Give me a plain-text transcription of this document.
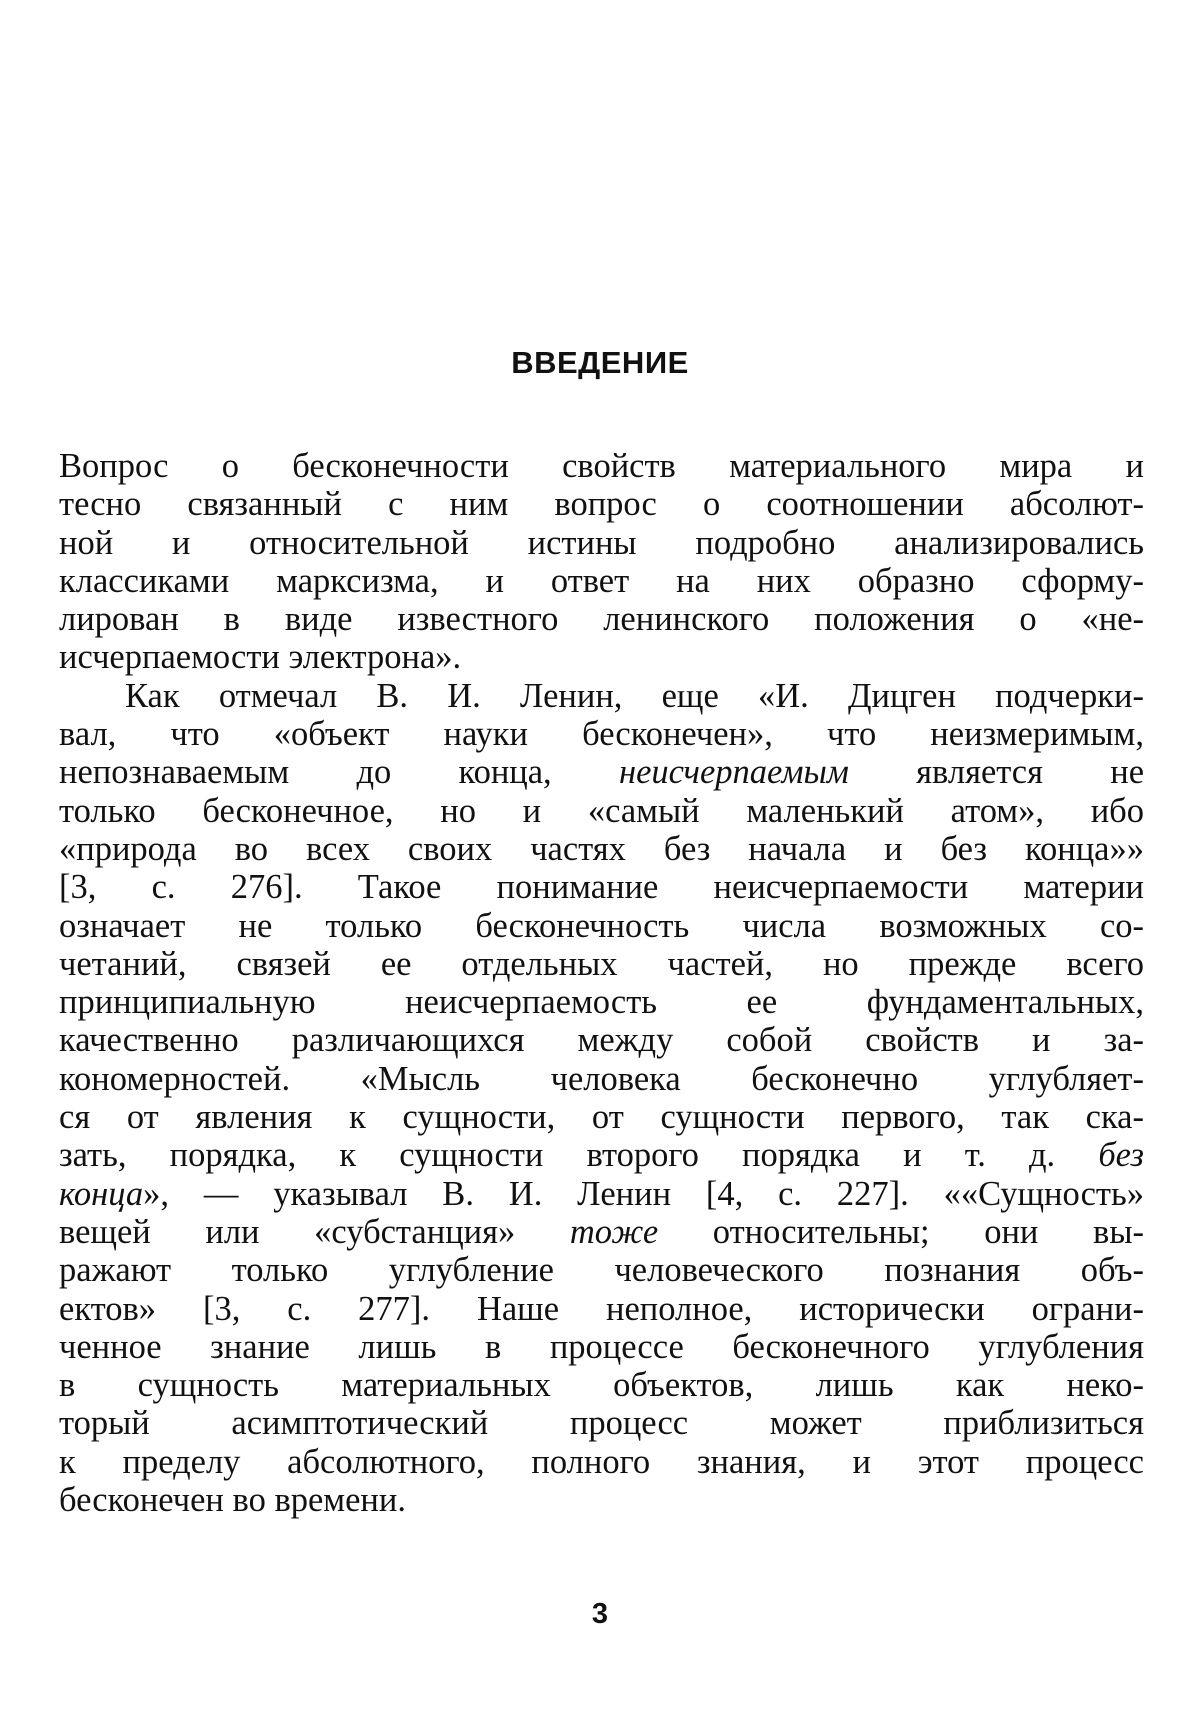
ВВЕДЕНИЕ
Вопрос о бесконечности свойств материального мира и
тесно связанный с ним вопрос о соотношении абсолют-
ной и относительной истины подробно анализировались
классиками марксизма, и ответ на них образно сформу-
лирован в виде известного ленинского положения о «не-
исчерпаемости электрона».
Как отмечал В. И. Ленин, еще «И. Дицген подчерки-
вал, что «объект науки бесконечен», что неизмеримым,
непознаваемым до конца, неисчерпаемым является не
только бесконечное, но и «самый маленький атом», ибо
«природа во всех своих частях без начала и без конца»»
[3, с. 276]. Такое понимание неисчерпаемости материи
означает не только бесконечность числа возможных со-
четаний, связей ее отдельных частей, но прежде всего
принципиальную неисчерпаемость ее фундаментальных,
качественно различающихся между собой свойств и за-
кономерностей. «Мысль человека бесконечно углубляет-
ся от явления к сущности, от сущности первого, так ска-
зать, порядка, к сущности второго порядка и т. д. без
конца», — указывал В. И. Ленин [4, с. 227]. ««Сущность»
вещей или «субстанция» тоже относительны; они вы-
ражают только углубление человеческого познания объ-
ектов» [3, с. 277]. Наше неполное, исторически ограни-
ченное знание лишь в процессе бесконечного углубления
в сущность материальных объектов, лишь как неко-
торый асимптотический процесс может приблизиться
к пределу абсолютного, полного знания, и этот процесс
бесконечен во времени.
3
